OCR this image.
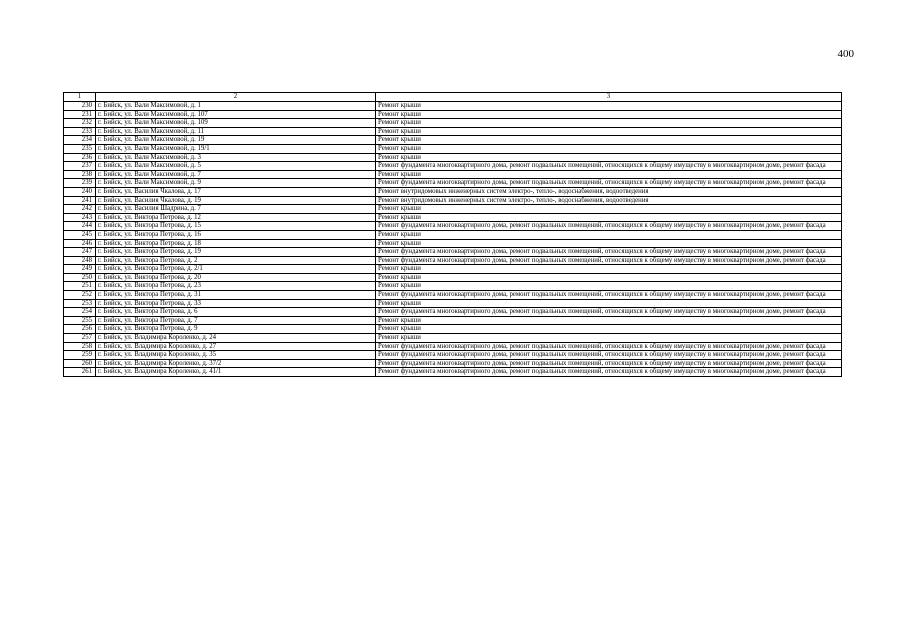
400
1	2	3
230	г. Бийск, ул. Вали Максимовой, д. 1	Ремонт крыши
231	г. Бийск, ул. Вали Максимовой, д. 107	Ремонт крыши
232	г. Бийск, ул. Вали Максимовой, д. 109	Ремонт крыши
233	г. Бийск, ул. Вали Максимовой, д. 11	Ремонт крыши
234	г. Бийск, ул. Вали Максимовой, д. 19	Ремонт крыши
235	г. Бийск, ул. Вали Максимовой, д. 19/1	Ремонт крыши
236	г. Бийск, ул. Вали Максимовой, д. 3	Ремонт крыши
237	г. Бийск, ул. Вали Максимовой, д. 5	Ремонт фундамента многоквартирного дома, ремонт подвальных помещений, относящихся к общему имуществу в многоквартирном доме, ремонт фасада
238	г. Бийск, ул. Вали Максимовой, д. 7	Ремонт крыши
239	г. Бийск, ул. Вали Максимовой, д. 9	Ремонт фундамента многоквартирного дома, ремонт подвальных помещений, относящихся к общему имуществу в многоквартирном доме, ремонт фасада
240	г. Бийск, ул. Василия Чкалова, д. 17	Ремонт внутридомовых инженерных систем электро-, тепло-, водоснабжения, водоотведения
241	г. Бийск, ул. Василия Чкалова, д. 19	Ремонт внутридомовых инженерных систем электро-, тепло-, водоснабжения, водоотведения
242	г. Бийск, ул. Василия Шадрина, д. 7	Ремонт крыши
243	г. Бийск, ул. Виктора Петрова, д. 12	Ремонт крыши
244	г. Бийск, ул. Виктора Петрова, д. 15	Ремонт фундамента многоквартирного дома, ремонт подвальных помещений, относящихся к общему имуществу в многоквартирном доме, ремонт фасада
245	г. Бийск, ул. Виктора Петрова, д. 16	Ремонт крыши
246	г. Бийск, ул. Виктора Петрова, д. 18	Ремонт крыши
247	г. Бийск, ул. Виктора Петрова, д. 19	Ремонт фундамента многоквартирного дома, ремонт подвальных помещений, относящихся к общему имуществу в многоквартирном доме, ремонт фасада
248	г. Бийск, ул. Виктора Петрова, д. 2	Ремонт фундамента многоквартирного дома, ремонт подвальных помещений, относящихся к общему имуществу в многоквартирном доме, ремонт фасада
249	г. Бийск, ул. Виктора Петрова, д. 2/1	Ремонт крыши
250	г. Бийск, ул. Виктора Петрова, д. 20	Ремонт крыши
251	г. Бийск, ул. Виктора Петрова, д. 23	Ремонт крыши
252	г. Бийск, ул. Виктора Петрова, д. 31	Ремонт фундамента многоквартирного дома, ремонт подвальных помещений, относящихся к общему имуществу в многоквартирном доме, ремонт фасада
253	г. Бийск, ул. Виктора Петрова, д. 33	Ремонт крыши
254	г. Бийск, ул. Виктора Петрова, д. 6	Ремонт фундамента многоквартирного дома, ремонт подвальных помещений, относящихся к общему имуществу в многоквартирном доме, ремонт фасада
255	г. Бийск, ул. Виктора Петрова, д. 7	Ремонт крыши
256	г. Бийск, ул. Виктора Петрова, д. 9	Ремонт крыши
257	г. Бийск, ул. Владимира Короленко, д. 24	Ремонт крыши
258	г. Бийск, ул. Владимира Короленко, д. 27	Ремонт фундамента многоквартирного дома, ремонт подвальных помещений, относящихся к общему имуществу в многоквартирном доме, ремонт фасада
259	г. Бийск, ул. Владимира Короленко, д. 35	Ремонт фундамента многоквартирного дома, ремонт подвальных помещений, относящихся к общему имуществу в многоквартирном доме, ремонт фасада
260	г. Бийск, ул. Владимира Короленко, д. 37/2	Ремонт фундамента многоквартирного дома, ремонт подвальных помещений, относящихся к общему имуществу в многоквартирном доме, ремонт фасада
261	г. Бийск, ул. Владимира Короленко, д. 41/1	Ремонт фундамента многоквартирного дома, ремонт подвальных помещений, относящихся к общему имуществу в многоквартирном доме, ремонт фасада
